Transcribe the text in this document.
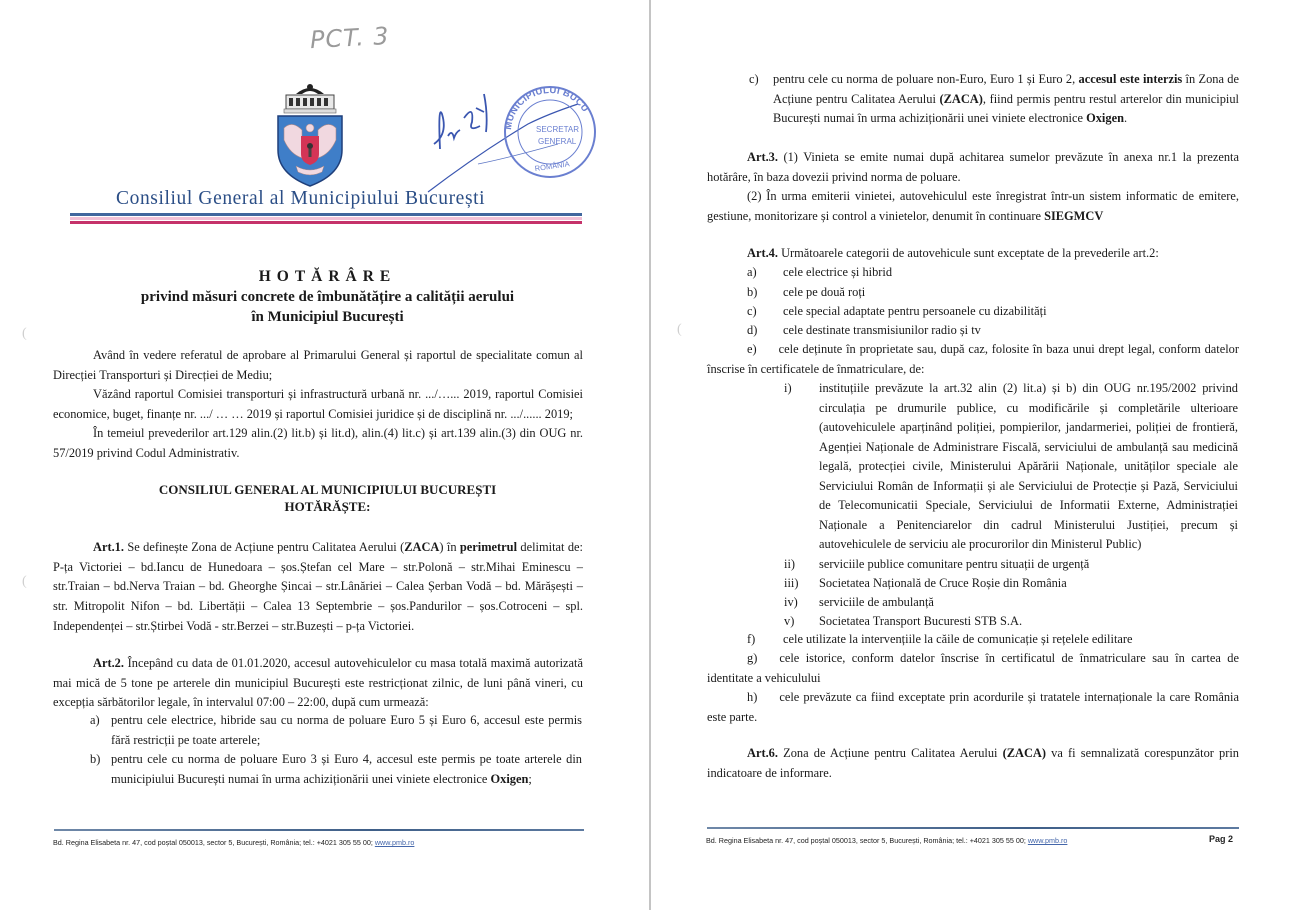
PCT. 3
MUNICIPIULUI BUCU
SECRETAR
GENERAL
ROMÂNIA
Consiliul General al Municipiului București
HOTĂRÂRE
privind măsuri concrete de îmbunătățire a calității aerului
în Municipiul București
Având în vedere referatul de aprobare al Primarului General și raportul de specialitate comun al Direcției Transporturi și Direcției de Mediu;
Văzând raportul Comisiei transporturi și infrastructură urbană nr. .../…... 2019, raportul Comisiei economice, buget, finanțe nr. .../ … … 2019 și raportul Comisiei juridice și de disciplină nr. .../...... 2019;
În temeiul prevederilor art.129 alin.(2) lit.b) și lit.d), alin.(4) lit.c) și art.139 alin.(3) din OUG nr. 57/2019 privind Codul Administrativ.
CONSILIUL GENERAL AL MUNICIPIULUI BUCUREȘTI
HOTĂRĂȘTE:
Art.1. Se definește Zona de Acțiune pentru Calitatea Aerului (ZACA) în perimetrul delimitat de: P-ța Victoriei – bd.Iancu de Hunedoara – șos.Ștefan cel Mare – str.Polonă – str.Mihai Eminescu – str.Traian – bd.Nerva Traian – bd. Gheorghe Șincai – str.Lânăriei – Calea Șerban Vodă – bd. Mărășești – str. Mitropolit Nifon – bd. Libertății – Calea 13 Septembrie – șos.Pandurilor – șos.Cotroceni – spl. Independenței – str.Știrbei Vodă - str.Berzei – str.Buzești – p-ța Victoriei.
Art.2. Începând cu data de 01.01.2020, accesul autovehiculelor cu masa totală maximă autorizată mai mică de 5 tone pe arterele din municipiul București este restricționat zilnic, de luni până vineri, cu excepția sărbătorilor legale, în intervalul 07:00 – 22:00, după cum urmează:
a) pentru cele electrice, hibride sau cu norma de poluare Euro 5 și Euro 6, accesul este permis fără restricții pe toate arterele;
b) pentru cele cu norma de poluare Euro 3 și Euro 4, accesul este permis pe toate arterele din municipiului București numai în urma achiziționării unei viniete electronice Oxigen;
Bd. Regina Elisabeta nr. 47, cod poștal 050013, sector 5, București, România; tel.: +4021 305 55 00; www.pmb.ro
(
(
c)	pentru cele cu norma de poluare non-Euro, Euro 1 și Euro 2, accesul este interzis în Zona de Acțiune pentru Calitatea Aerului (ZACA), fiind permis pentru restul arterelor din municipiul București numai în urma achiziționării unei viniete electronice Oxigen.
Art.3. (1) Vinieta se emite numai după achitarea sumelor prevăzute în anexa nr.1 la prezenta hotărâre, în baza dovezii privind norma de poluare.
(2) În urma emiterii vinietei, autovehiculul este înregistrat într-un sistem informatic de emitere, gestiune, monitorizare și control a vinietelor, denumit în continuare SIEGMCV
Art.4. Următoarele categorii de autovehicule sunt exceptate de la prevederile art.2:
a)	cele electrice și hibrid
b)	cele pe două roți
c)	cele special adaptate pentru persoanele cu dizabilități
d)	cele destinate transmisiunilor radio și tv
e) cele deținute în proprietate sau, după caz, folosite în baza unui drept legal, conform datelor înscrise în certificatele de înmatriculare, de:
i)	instituțiile prevăzute la art.32 alin (2) lit.a) și b) din OUG nr.195/2002 privind circulația pe drumurile publice, cu modificările și completările ulterioare (autovehiculele aparținând poliției, pompierilor, jandarmeriei, poliției de frontieră, Agenției Naționale de Administrare Fiscală, serviciului de ambulanță sau medicină legală, protecției civile, Ministerului Apărării Naționale, unităților speciale ale Serviciului Român de Informații și ale Serviciului de Protecție și Pază, Serviciului de Telecomunicatii Speciale, Serviciului de Informatii Externe, Administrației Naționale a Penitenciarelor din cadrul Ministerului Justiției, precum și autovehiculele de serviciu ale procurorilor din Ministerul Public)
ii)	serviciile publice comunitare pentru situații de urgență
iii)	Societatea Națională de Cruce Roșie din România
iv)	serviciile de ambulanță
v)	Societatea Transport Bucuresti STB S.A.
f)	cele utilizate la intervențiile la căile de comunicație și rețelele edilitare
g) cele istorice, conform datelor înscrise în certificatul de înmatriculare sau în cartea de identitate a vehiculului
h) cele prevăzute ca fiind exceptate prin acordurile și tratatele internaționale la care România este parte.
Art.6. Zona de Acțiune pentru Calitatea Aerului (ZACA) va fi semnalizată corespunzător prin indicatoare de informare.
Bd. Regina Elisabeta nr. 47, cod poștal 050013, sector 5, București, România; tel.: +4021 305 55 00; www.pmb.ro	Pag 2
(
